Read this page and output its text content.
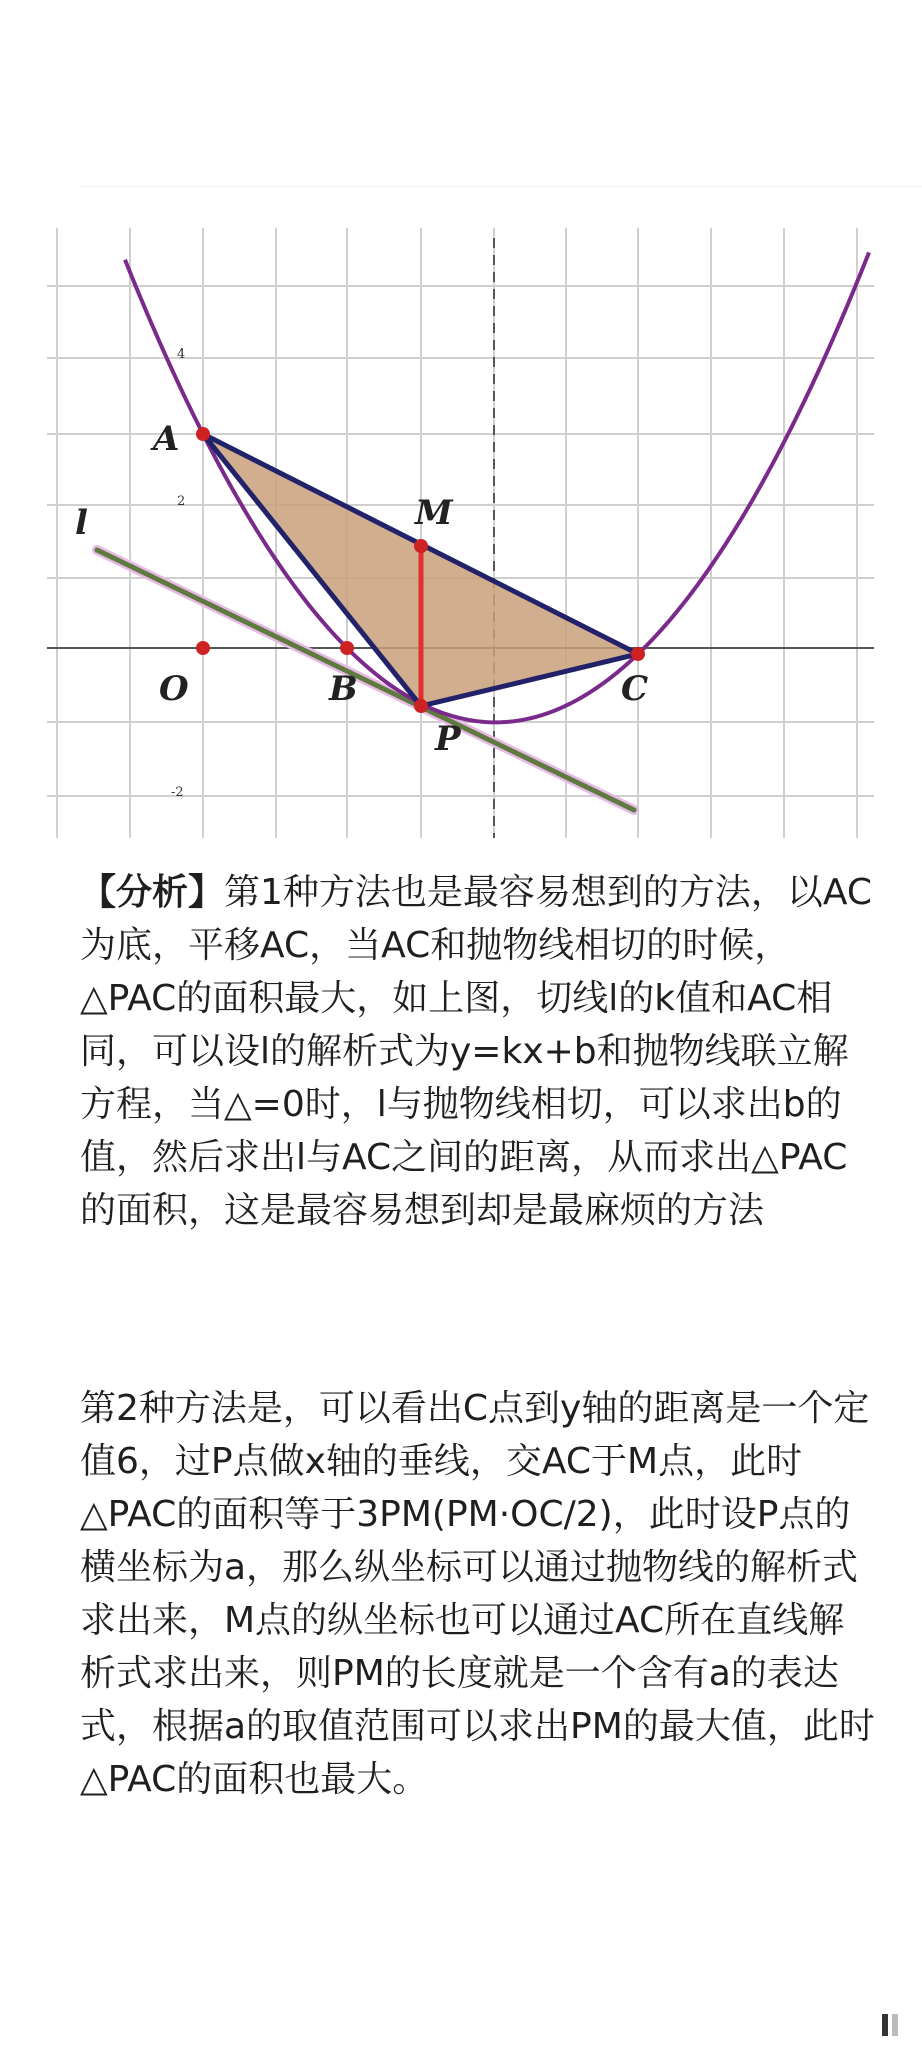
4
2
-2
A
M
l
O	B	C
P

【分析】第1种方法也是最容易想到的方法，以AC为底，平移AC，当AC和抛物线相切的时候，△PAC的面积最大，如上图，切线l的k值和AC相同，可以设l的解析式为y=kx+b和抛物线联立解方程，当△=0时，l与抛物线相切，可以求出b的值，然后求出l与AC之间的距离，从而求出△PAC的面积，这是最容易想到却是最麻烦的方法

第2种方法是，可以看出C点到y轴的距离是一个定值6，过P点做x轴的垂线，交AC于M点，此时△PAC的面积等于3PM(PM·OC/2)，此时设P点的横坐标为a，那么纵坐标可以通过抛物线的解析式求出来，M点的纵坐标也可以通过AC所在直线解析式求出来，则PM的长度就是一个含有a的表达式，根据a的取值范围可以求出PM的最大值，此时△PAC的面积也最大。
